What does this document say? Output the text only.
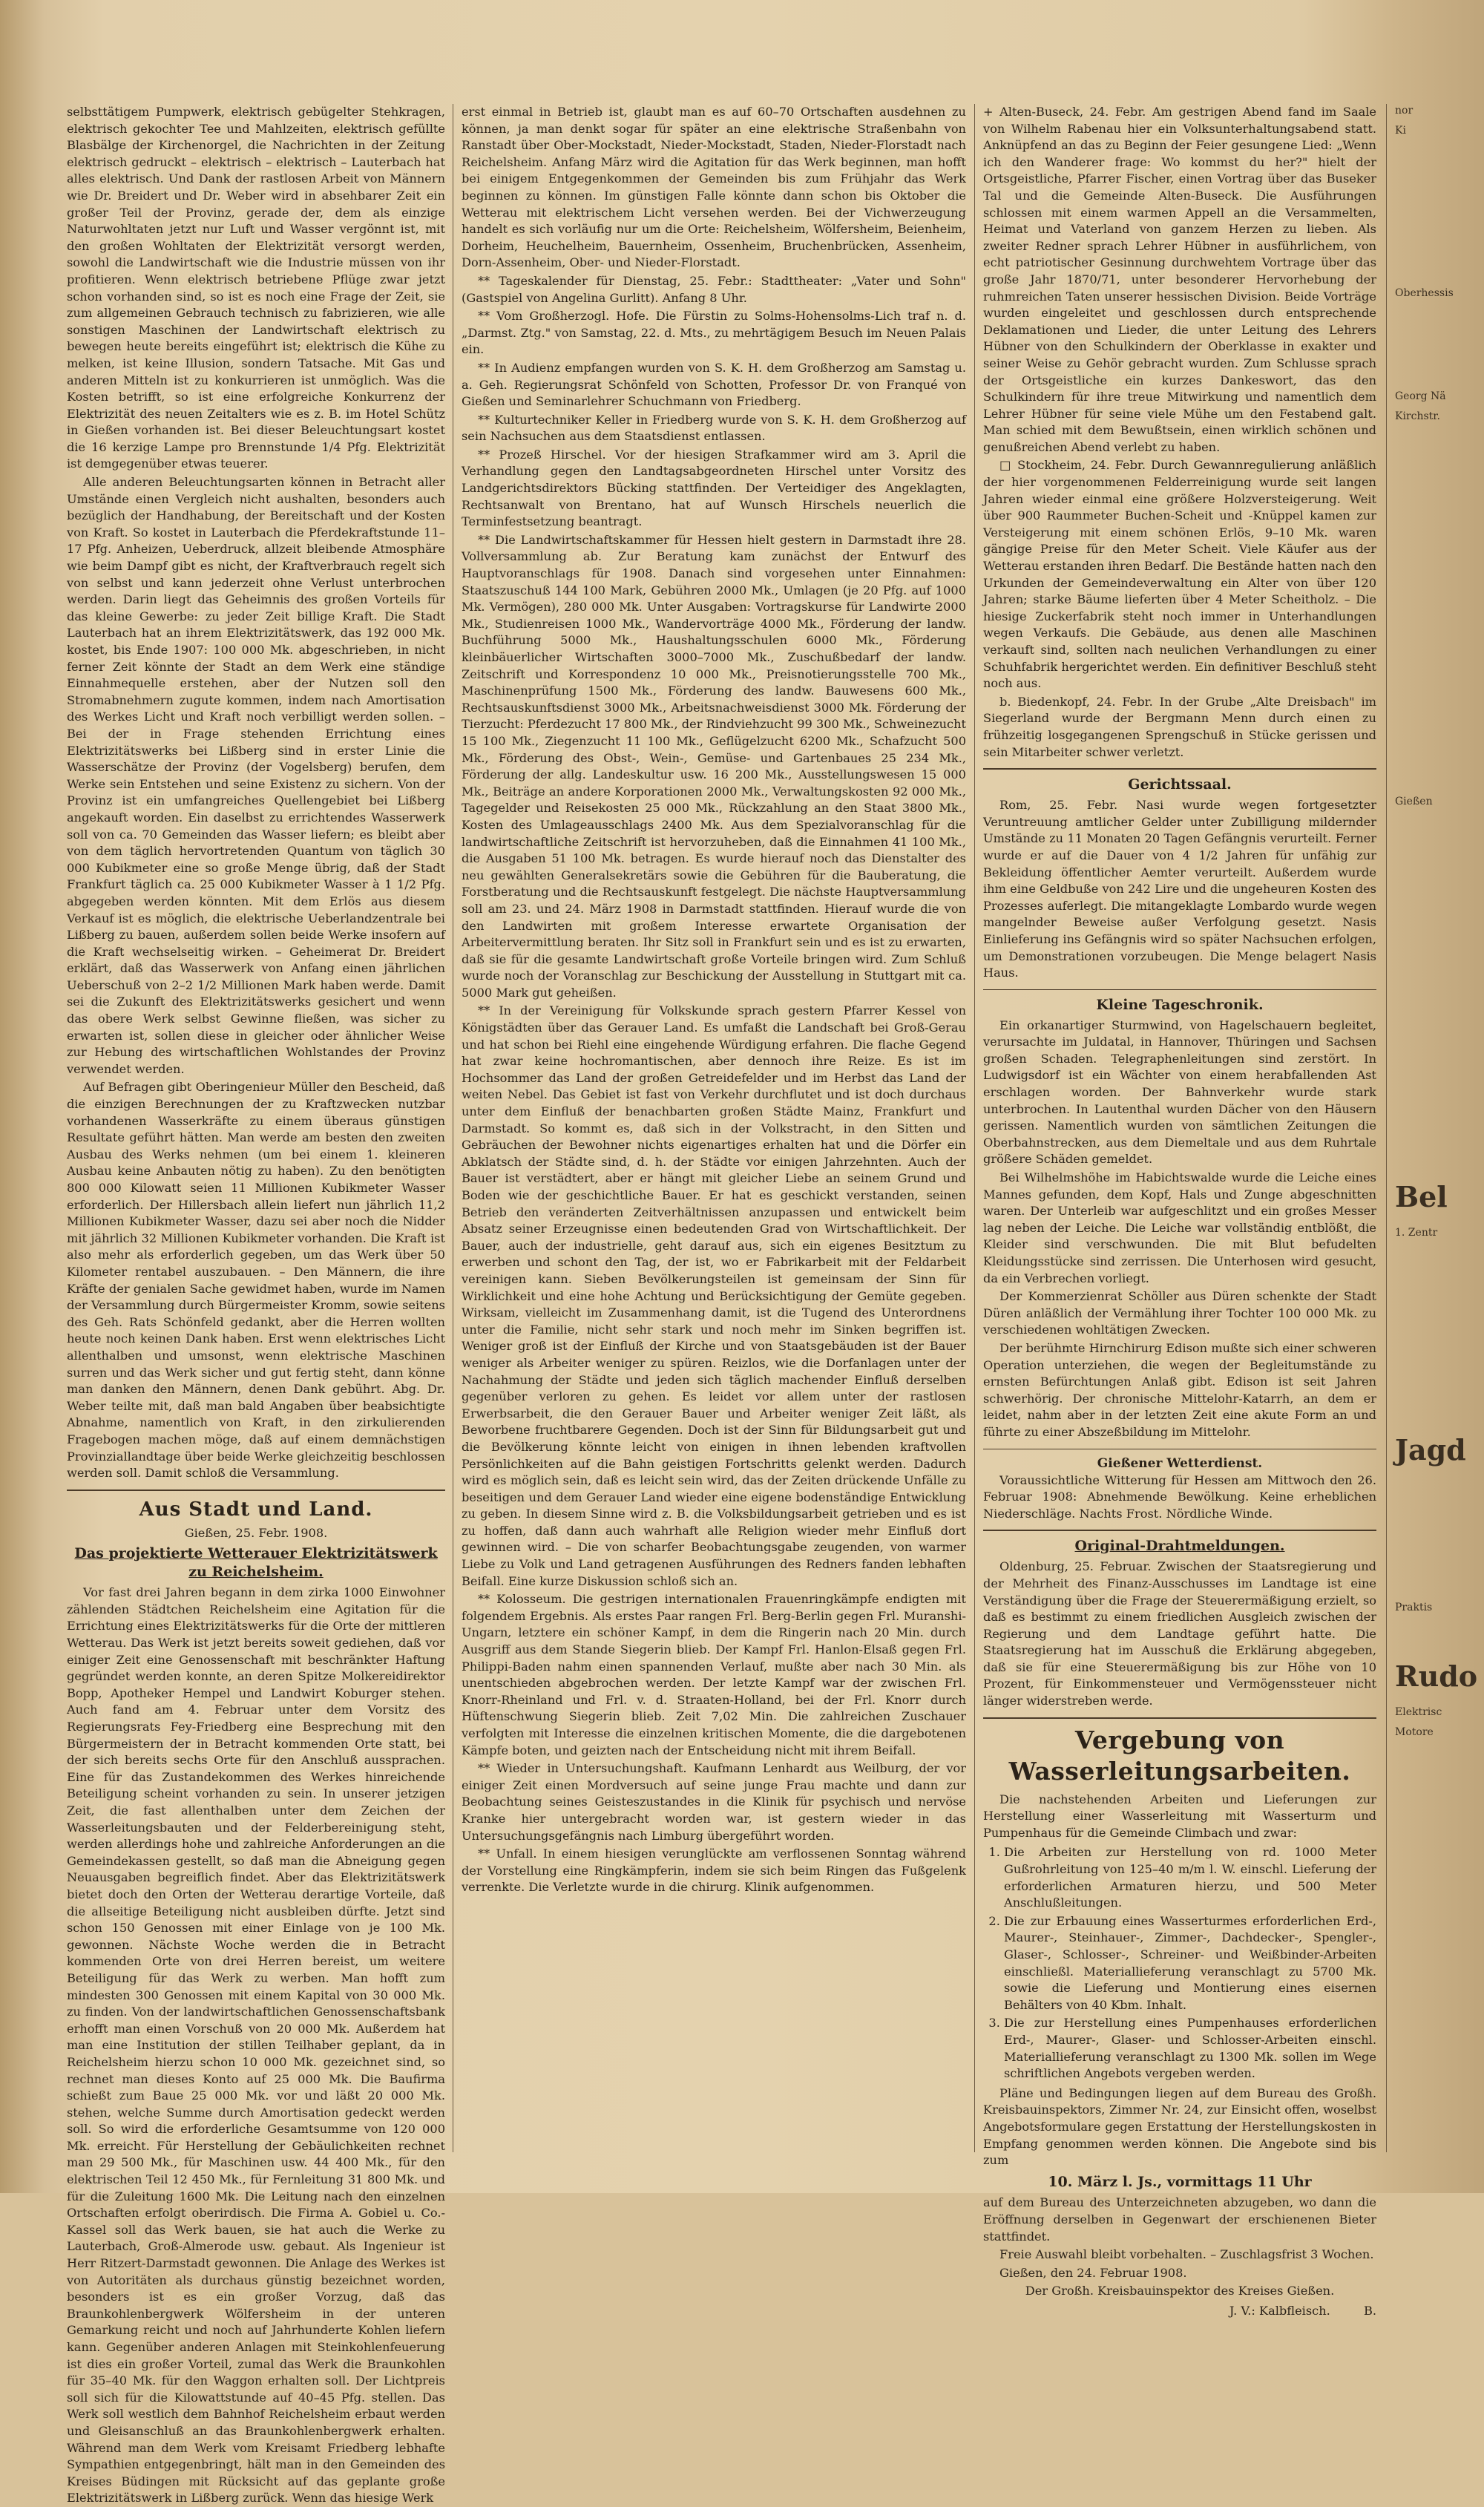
selbsttätigem Pumpwerk, elektrisch gebügelter Stehkragen, elektrisch gekochter Tee und Mahlzeiten, elektrisch gefüllte Blasbälge der Kirchenorgel, die Nachrichten in der Zeitung elektrisch gedruckt – elektrisch – elektrisch – Lauterbach hat alles elektrisch. Und Dank der rastlosen Arbeit von Männern wie Dr. Breidert und Dr. Weber wird in absehbarer Zeit ein großer Teil der Provinz, gerade der, dem als einzige Naturwohltaten jetzt nur Luft und Wasser vergönnt ist, mit den großen Wohltaten der Elektrizität versorgt werden, sowohl die Landwirtschaft wie die Industrie müssen von ihr profitieren. Wenn elektrisch betriebene Pflüge zwar jetzt schon vorhanden sind, so ist es noch eine Frage der Zeit, sie zum allgemeinen Gebrauch technisch zu fabrizieren, wie alle sonstigen Maschinen der Landwirtschaft elektrisch zu bewegen heute bereits eingeführt ist; elektrisch die Kühe zu melken, ist keine Illusion, sondern Tatsache. Mit Gas und anderen Mitteln ist zu konkurrieren ist unmöglich. Was die Kosten betrifft, so ist eine erfolgreiche Konkurrenz der Elektrizität des neuen Zeitalters wie es z. B. im Hotel Schütz in Gießen vorhanden ist. Bei dieser Beleuchtungsart kostet die 16 kerzige Lampe pro Brennstunde 1/4 Pfg. Elektrizität ist demgegenüber etwas teuerer.

Alle anderen Beleuchtungsarten können in Betracht aller Umstände einen Vergleich nicht aushalten, besonders auch bezüglich der Handhabung, der Bereitschaft und der Kosten von Kraft. So kostet in Lauterbach die Pferdekraftstunde 11–17 Pfg. Anheizen, Ueberdruck, allzeit bleibende Atmosphäre wie beim Dampf gibt es nicht, der Kraftverbrauch regelt sich von selbst und kann jederzeit ohne Verlust unterbrochen werden. Darin liegt das Geheimnis des großen Vorteils für das kleine Gewerbe: zu jeder Zeit billige Kraft. Die Stadt Lauterbach hat an ihrem Elektrizitätswerk, das 192 000 Mk. kostet, bis Ende 1907: 100 000 Mk. abgeschrieben, in nicht ferner Zeit könnte der Stadt an dem Werk eine ständige Einnahmequelle erstehen, aber der Nutzen soll den Stromabnehmern zugute kommen, indem nach Amortisation des Werkes Licht und Kraft noch verbilligt werden sollen. – Bei der in Frage stehenden Errichtung eines Elektrizitätswerks bei Lißberg sind in erster Linie die Wasserschätze der Provinz (der Vogelsberg) berufen, dem Werke sein Entstehen und seine Existenz zu sichern. Von der Provinz ist ein umfangreiches Quellengebiet bei Lißberg angekauft worden. Ein daselbst zu errichtendes Wasserwerk soll von ca. 70 Gemeinden das Wasser liefern; es bleibt aber von dem täglich hervortretenden Quantum von täglich 30 000 Kubikmeter eine so große Menge übrig, daß der Stadt Frankfurt täglich ca. 25 000 Kubikmeter Wasser à 1 1/2 Pfg. abgegeben werden könnten. Mit dem Erlös aus diesem Verkauf ist es möglich, die elektrische Ueberlandzentrale bei Lißberg zu bauen, außerdem sollen beide Werke insofern auf die Kraft wechselseitig wirken. – Geheimerat Dr. Breidert erklärt, daß das Wasserwerk von Anfang einen jährlichen Ueberschuß von 2–2 1/2 Millionen Mark haben werde. Damit sei die Zukunft des Elektrizitätswerks gesichert und wenn das obere Werk selbst Gewinne fließen, was sicher zu erwarten ist, sollen diese in gleicher oder ähnlicher Weise zur Hebung des wirtschaftlichen Wohlstandes der Provinz verwendet werden.

Auf Befragen gibt Oberingenieur Müller den Bescheid, daß die einzigen Berechnungen der zu Kraftzwecken nutzbar vorhandenen Wasserkräfte zu einem überaus günstigen Resultate geführt hätten. Man werde am besten den zweiten Ausbau des Werks nehmen (um bei einem 1. kleineren Ausbau keine Anbauten nötig zu haben). Zu den benötigten 800 000 Kilowatt seien 11 Millionen Kubikmeter Wasser erforderlich. Der Hillersbach allein liefert nun jährlich 11,2 Millionen Kubikmeter Wasser, dazu sei aber noch die Nidder mit jährlich 32 Millionen Kubikmeter vorhanden. Die Kraft ist also mehr als erforderlich gegeben, um das Werk über 50 Kilometer rentabel auszubauen. – Den Männern, die ihre Kräfte der genialen Sache gewidmet haben, wurde im Namen der Versammlung durch Bürgermeister Kromm, sowie seitens des Geh. Rats Schönfeld gedankt, aber die Herren wollten heute noch keinen Dank haben. Erst wenn elektrisches Licht allenthalben und umsonst, wenn elektrische Maschinen surren und das Werk sicher und gut fertig steht, dann könne man danken den Männern, denen Dank gebührt. Abg. Dr. Weber teilte mit, daß man bald Angaben über beabsichtigte Abnahme, namentlich von Kraft, in den zirkulierenden Fragebogen machen möge, daß auf einem demnächstigen Provinziallandtage über beide Werke gleichzeitig beschlossen werden soll. Damit schloß die Versammlung.

Aus Stadt und Land.
Gießen, 25. Febr. 1908.
Das projektierte Wetterauer Elektrizitätswerk zu Reichelsheim.

Vor fast drei Jahren begann in dem zirka 1000 Einwohner zählenden Städtchen Reichelsheim eine Agitation für die Errichtung eines Elektrizitätswerks für die Orte der mittleren Wetterau. Das Werk ist jetzt bereits soweit gediehen, daß vor einiger Zeit eine Genossenschaft mit beschränkter Haftung gegründet werden konnte, an deren Spitze Molkereidirektor Bopp, Apotheker Hempel und Landwirt Koburger stehen. Auch fand am 4. Februar unter dem Vorsitz des Regierungsrats Fey-Friedberg eine Besprechung mit den Bürgermeistern der in Betracht kommenden Orte statt, bei der sich bereits sechs Orte für den Anschluß aussprachen. Eine für das Zustandekommen des Werkes hinreichende Beteiligung scheint vorhanden zu sein. In unserer jetzigen Zeit, die fast allenthalben unter dem Zeichen der Wasserleitungsbauten und der Felderbereinigung steht, werden allerdings hohe und zahlreiche Anforderungen an die Gemeindekassen gestellt, so daß man die Abneigung gegen Neuausgaben begreiflich findet. Aber das Elektrizitätswerk bietet doch den Orten der Wetterau derartige Vorteile, daß die allseitige Beteiligung nicht ausbleiben dürfte. Jetzt sind schon 150 Genossen mit einer Einlage von je 100 Mk. gewonnen. Nächste Woche werden die in Betracht kommenden Orte von drei Herren bereist, um weitere Beteiligung für das Werk zu werben. Man hofft zum mindesten 300 Genossen mit einem Kapital von 30 000 Mk. zu finden. Von der landwirtschaftlichen Genossenschaftsbank erhofft man einen Vorschuß von 20 000 Mk. Außerdem hat man eine Institution der stillen Teilhaber geplant, da in Reichelsheim hierzu schon 10 000 Mk. gezeichnet sind, so rechnet man dieses Konto auf 25 000 Mk. Die Baufirma schießt zum Baue 25 000 Mk. vor und läßt 20 000 Mk. stehen, welche Summe durch Amortisation gedeckt werden soll. So wird die erforderliche Gesamtsumme von 120 000 Mk. erreicht. Für Herstellung der Gebäulichkeiten rechnet man 29 500 Mk., für Maschinen usw. 44 400 Mk., für den elektrischen Teil 12 450 Mk., für Fernleitung 31 800 Mk. und für die Zuleitung 1600 Mk. Die Leitung nach den einzelnen Ortschaften erfolgt oberirdisch. Die Firma A. Gobiel u. Co.-Kassel soll das Werk bauen, sie hat auch die Werke zu Lauterbach, Groß-Almerode usw. gebaut. Als Ingenieur ist Herr Ritzert-Darmstadt gewonnen. Die Anlage des Werkes ist von Autoritäten als durchaus günstig bezeichnet worden, besonders ist es ein großer Vorzug, daß das Braunkohlenbergwerk Wölfersheim in der unteren Gemarkung reicht und noch auf Jahrhunderte Kohlen liefern kann. Gegenüber anderen Anlagen mit Steinkohlenfeuerung ist dies ein großer Vorteil, zumal das Werk die Braunkohlen für 35–40 Mk. für den Waggon erhalten soll. Der Lichtpreis soll sich für die Kilowattstunde auf 40–45 Pfg. stellen. Das Werk soll westlich dem Bahnhof Reichelsheim erbaut werden und Gleisanschluß an das Braunkohlenbergwerk erhalten. Während man dem Werk vom Kreisamt Friedberg lebhafte Sympathien entgegenbringt, hält man in den Gemeinden des Kreises Büdingen mit Rücksicht auf das geplante große Elektrizitätswerk in Lißberg zurück. Wenn das hiesige Werk

erst einmal in Betrieb ist, glaubt man es auf 60–70 Ortschaften ausdehnen zu können, ja man denkt sogar für später an eine elektrische Straßenbahn von Ranstadt über Ober-Mockstadt, Nieder-Mockstadt, Staden, Nieder-Florstadt nach Reichelsheim. Anfang März wird die Agitation für das Werk beginnen, man hofft bei einigem Entgegenkommen der Gemeinden bis zum Frühjahr das Werk beginnen zu können. Im günstigen Falle könnte dann schon bis Oktober die Wetterau mit elektrischem Licht versehen werden. Bei der Vichwerzeugung handelt es sich vorläufig nur um die Orte: Reichelsheim, Wölfersheim, Beienheim, Dorheim, Heuchelheim, Bauernheim, Ossenheim, Bruchenbrücken, Assenheim, Dorn-Assenheim, Ober- und Nieder-Florstadt.

** Tageskalender für Dienstag, 25. Febr.: Stadttheater: „Vater und Sohn" (Gastspiel von Angelina Gurlitt). Anfang 8 Uhr.

** Vom Großherzogl. Hofe. Die Fürstin zu Solms-Hohensolms-Lich traf n. d. „Darmst. Ztg." von Samstag, 22. d. Mts., zu mehrtägigem Besuch im Neuen Palais ein.

** In Audienz empfangen wurden von S. K. H. dem Großherzog am Samstag u. a. Geh. Regierungsrat Schönfeld von Schotten, Professor Dr. von Franqué von Gießen und Seminarlehrer Schuchmann von Friedberg.

** Kulturtechniker Keller in Friedberg wurde von S. K. H. dem Großherzog auf sein Nachsuchen aus dem Staatsdienst entlassen.

** Prozeß Hirschel. Vor der hiesigen Strafkammer wird am 3. April die Verhandlung gegen den Landtagsabgeordneten Hirschel unter Vorsitz des Landgerichtsdirektors Bücking stattfinden. Der Verteidiger des Angeklagten, Rechtsanwalt von Brentano, hat auf Wunsch Hirschels neuerlich die Terminfestsetzung beantragt.

** Die Landwirtschaftskammer für Hessen hielt gestern in Darmstadt ihre 28. Vollversammlung ab. Zur Beratung kam zunächst der Entwurf des Hauptvoranschlags für 1908. Danach sind vorgesehen unter Einnahmen: Staatszuschuß 144 100 Mark, Gebühren 2000 Mk., Umlagen (je 20 Pfg. auf 1000 Mk. Vermögen), 280 000 Mk. Unter Ausgaben: Vortragskurse für Landwirte 2000 Mk., Studienreisen 1000 Mk., Wandervorträge 4000 Mk., Förderung der landw. Buchführung 5000 Mk., Haushaltungsschulen 6000 Mk., Förderung kleinbäuerlicher Wirtschaften 3000–7000 Mk., Zuschußbedarf der landw. Zeitschrift und Korrespondenz 10 000 Mk., Preisnotierungsstelle 700 Mk., Maschinenprüfung 1500 Mk., Förderung des landw. Bauwesens 600 Mk., Rechtsauskunftsdienst 3000 Mk., Arbeitsnachweisdienst 3000 Mk. Förderung der Tierzucht: Pferdezucht 17 800 Mk., der Rindviehzucht 99 300 Mk., Schweinezucht 15 100 Mk., Ziegenzucht 11 100 Mk., Geflügelzucht 6200 Mk., Schafzucht 500 Mk., Förderung des Obst-, Wein-, Gemüse- und Gartenbaues 25 234 Mk., Förderung der allg. Landeskultur usw. 16 200 Mk., Ausstellungswesen 15 000 Mk., Beiträge an andere Korporationen 2000 Mk., Verwaltungskosten 92 000 Mk., Tagegelder und Reisekosten 25 000 Mk., Rückzahlung an den Staat 3800 Mk., Kosten des Umlageausschlags 2400 Mk. Aus dem Spezialvoranschlag für die landwirtschaftliche Zeitschrift ist hervorzuheben, daß die Einnahmen 41 100 Mk., die Ausgaben 51 100 Mk. betragen. Es wurde hierauf noch das Dienstalter des neu gewählten Generalsekretärs sowie die Gebühren für die Bauberatung, die Forstberatung und die Rechtsauskunft festgelegt. Die nächste Hauptversammlung soll am 23. und 24. März 1908 in Darmstadt stattfinden. Hierauf wurde die von den Landwirten mit großem Interesse erwartete Organisation der Arbeitervermittlung beraten. Ihr Sitz soll in Frankfurt sein und es ist zu erwarten, daß sie für die gesamte Landwirtschaft große Vorteile bringen wird. Zum Schluß wurde noch der Voranschlag zur Beschickung der Ausstellung in Stuttgart mit ca. 5000 Mark gut geheißen.

** In der Vereinigung für Volkskunde sprach gestern Pfarrer Kessel von Königstädten über das Gerauer Land. Es umfaßt die Landschaft bei Groß-Gerau und hat schon bei Riehl eine eingehende Würdigung erfahren. Die flache Gegend hat zwar keine hochromantischen, aber dennoch ihre Reize. Es ist im Hochsommer das Land der großen Getreidefelder und im Herbst das Land der weiten Nebel. Das Gebiet ist fast von Verkehr durchflutet und ist doch durchaus unter dem Einfluß der benachbarten großen Städte Mainz, Frankfurt und Darmstadt. So kommt es, daß sich in der Volkstracht, in den Sitten und Gebräuchen der Bewohner nichts eigenartiges erhalten hat und die Dörfer ein Abklatsch der Städte sind, d. h. der Städte vor einigen Jahrzehnten. Auch der Bauer ist verstädtert, aber er hängt mit gleicher Liebe an seinem Grund und Boden wie der geschichtliche Bauer. Er hat es geschickt verstanden, seinen Betrieb den veränderten Zeitverhältnissen anzupassen und entwickelt beim Absatz seiner Erzeugnisse einen bedeutenden Grad von Wirtschaftlichkeit. Der Bauer, auch der industrielle, geht darauf aus, sich ein eigenes Besitztum zu erwerben und schont den Tag, der ist, wo er Fabrikarbeit mit der Feldarbeit vereinigen kann. Sieben Bevölkerungsteilen ist gemeinsam der Sinn für Wirklichkeit und eine hohe Achtung und Berücksichtigung der Gemüte gegeben. Wirksam, vielleicht im Zusammenhang damit, ist die Tugend des Unterordnens unter die Familie, nicht sehr stark und noch mehr im Sinken begriffen ist. Weniger groß ist der Einfluß der Kirche und von Staatsgebäuden ist der Bauer weniger als Arbeiter weniger zu spüren. Reizlos, wie die Dorfanlagen unter der Nachahmung der Städte und jeden sich täglich machender Einfluß derselben gegenüber verloren zu gehen. Es leidet vor allem unter der rastlosen Erwerbsarbeit, die den Gerauer Bauer und Arbeiter weniger Zeit läßt, als Beworbene fruchtbarere Gegenden. Doch ist der Sinn für Bildungsarbeit gut und die Bevölkerung könnte leicht von einigen in ihnen lebenden kraftvollen Persönlichkeiten auf die Bahn geistigen Fortschritts gelenkt werden. Dadurch wird es möglich sein, daß es leicht sein wird, das der Zeiten drückende Unfälle zu beseitigen und dem Gerauer Land wieder eine eigene bodenständige Entwicklung zu geben. In diesem Sinne wird z. B. die Volksbildungsarbeit getrieben und es ist zu hoffen, daß dann auch wahrhaft alle Religion wieder mehr Einfluß dort gewinnen wird. – Die von scharfer Beobachtungsgabe zeugenden, von warmer Liebe zu Volk und Land getragenen Ausführungen des Redners fanden lebhaften Beifall. Eine kurze Diskussion schloß sich an.

** Kolosseum. Die gestrigen internationalen Frauenringkämpfe endigten mit folgendem Ergebnis. Als erstes Paar rangen Frl. Berg-Berlin gegen Frl. Muranshi-Ungarn, letztere ein schöner Kampf, in dem die Ringerin nach 20 Min. durch Ausgriff aus dem Stande Siegerin blieb. Der Kampf Frl. Hanlon-Elsaß gegen Frl. Philippi-Baden nahm einen spannenden Verlauf, mußte aber nach 30 Min. als unentschieden abgebrochen werden. Der letzte Kampf war der zwischen Frl. Knorr-Rheinland und Frl. v. d. Straaten-Holland, bei der Frl. Knorr durch Hüftenschwung Siegerin blieb. Zeit 7,02 Min. Die zahlreichen Zuschauer verfolgten mit Interesse die einzelnen kritischen Momente, die die dargebotenen Kämpfe boten, und geizten nach der Entscheidung nicht mit ihrem Beifall.

** Wieder in Untersuchungshaft. Kaufmann Lenhardt aus Weilburg, der vor einiger Zeit einen Mordversuch auf seine junge Frau machte und dann zur Beobachtung seines Geisteszustandes in die Klinik für psychisch und nervöse Kranke hier untergebracht worden war, ist gestern wieder in das Untersuchungsgefängnis nach Limburg übergeführt worden.

** Unfall. In einem hiesigen verunglückte am verflossenen Sonntag während der Vorstellung eine Ringkämpferin, indem sie sich beim Ringen das Fußgelenk verrenkte. Die Verletzte wurde in die chirurg. Klinik aufgenommen.

+ Alten-Buseck, 24. Febr. Am gestrigen Abend fand im Saale von Wilhelm Rabenau hier ein Volksunterhaltungsabend statt. Anknüpfend an das zu Beginn der Feier gesungene Lied: „Wenn ich den Wanderer frage: Wo kommst du her?" hielt der Ortsgeistliche, Pfarrer Fischer, einen Vortrag über das Buseker Tal und die Gemeinde Alten-Buseck. Die Ausführungen schlossen mit einem warmen Appell an die Versammelten, Heimat und Vaterland von ganzem Herzen zu lieben. Als zweiter Redner sprach Lehrer Hübner in ausführlichem, von echt patriotischer Gesinnung durchwehtem Vortrage über das große Jahr 1870/71, unter besonderer Hervorhebung der ruhmreichen Taten unserer hessischen Division. Beide Vorträge wurden eingeleitet und geschlossen durch entsprechende Deklamationen und Lieder, die unter Leitung des Lehrers Hübner von den Schulkindern der Oberklasse in exakter und seiner Weise zu Gehör gebracht wurden. Zum Schlusse sprach der Ortsgeistliche ein kurzes Dankeswort, das den Schulkindern für ihre treue Mitwirkung und namentlich dem Lehrer Hübner für seine viele Mühe um den Festabend galt. Man schied mit dem Bewußtsein, einen wirklich schönen und genußreichen Abend verlebt zu haben.

□ Stockheim, 24. Febr. Durch Gewannregulierung anläßlich der hier vorgenommenen Felderreinigung wurde seit langen Jahren wieder einmal eine größere Holzversteigerung. Weit über 900 Raummeter Buchen-Scheit und -Knüppel kamen zur Versteigerung mit einem schönen Erlös, 9–10 Mk. waren gängige Preise für den Meter Scheit. Viele Käufer aus der Wetterau erstanden ihren Bedarf. Die Bestände hatten nach den Urkunden der Gemeindeverwaltung ein Alter von über 120 Jahren; starke Bäume lieferten über 4 Meter Scheitholz. – Die hiesige Zuckerfabrik steht noch immer in Unterhandlungen wegen Verkaufs. Die Gebäude, aus denen alle Maschinen verkauft sind, sollten nach neulichen Verhandlungen zu einer Schuhfabrik hergerichtet werden. Ein definitiver Beschluß steht noch aus.

b. Biedenkopf, 24. Febr. In der Grube „Alte Dreisbach" im Siegerland wurde der Bergmann Menn durch einen zu frühzeitig losgegangenen Sprengschuß in Stücke gerissen und sein Mitarbeiter schwer verletzt.

Gerichtssaal.

Rom, 25. Febr. Nasi wurde wegen fortgesetzter Veruntreuung amtlicher Gelder unter Zubilligung mildernder Umstände zu 11 Monaten 20 Tagen Gefängnis verurteilt. Ferner wurde er auf die Dauer von 4 1/2 Jahren für unfähig zur Bekleidung öffentlicher Aemter verurteilt. Außerdem wurde ihm eine Geldbuße von 242 Lire und die ungeheuren Kosten des Prozesses auferlegt. Die mitangeklagte Lombardo wurde wegen mangelnder Beweise außer Verfolgung gesetzt. Nasis Einlieferung ins Gefängnis wird so später Nachsuchen erfolgen, um Demonstrationen vorzubeugen. Die Menge belagert Nasis Haus.

Kleine Tageschronik.

Ein orkanartiger Sturmwind, von Hagelschauern begleitet, verursachte im Juldatal, in Hannover, Thüringen und Sachsen großen Schaden. Telegraphenleitungen sind zerstört. In Ludwigsdorf ist ein Wächter von einem herabfallenden Ast erschlagen worden. Der Bahnverkehr wurde stark unterbrochen. In Lautenthal wurden Dächer von den Häusern gerissen. Namentlich wurden von sämtlichen Zeitungen die Oberbahnstrecken, aus dem Diemeltale und aus dem Ruhrtale größere Schäden gemeldet.

Bei Wilhelmshöhe im Habichtswalde wurde die Leiche eines Mannes gefunden, dem Kopf, Hals und Zunge abgeschnitten waren. Der Unterleib war aufgeschlitzt und ein großes Messer lag neben der Leiche. Die Leiche war vollständig entblößt, die Kleider sind verschwunden. Die mit Blut befudelten Kleidungsstücke sind zerrissen. Die Unterhosen wird gesucht, da ein Verbrechen vorliegt.

Der Kommerzienrat Schöller aus Düren schenkte der Stadt Düren anläßlich der Vermählung ihrer Tochter 100 000 Mk. zu verschiedenen wohltätigen Zwecken.

Der berühmte Hirnchirurg Edison mußte sich einer schweren Operation unterziehen, die wegen der Begleitumstände zu ernsten Befürchtungen Anlaß gibt. Edison ist seit Jahren schwerhörig. Der chronische Mittelohr-Katarrh, an dem er leidet, nahm aber in der letzten Zeit eine akute Form an und führte zu einer Abszeßbildung im Mittelohr.

Gießener Wetterdienst.

Voraussichtliche Witterung für Hessen am Mittwoch den 26. Februar 1908: Abnehmende Bewölkung. Keine erheblichen Niederschläge. Nachts Frost. Nördliche Winde.

Original-Drahtmeldungen.

Oldenburg, 25. Februar. Zwischen der Staatsregierung und der Mehrheit des Finanz-Ausschusses im Landtage ist eine Verständigung über die Frage der Steuerermäßigung erzielt, so daß es bestimmt zu einem friedlichen Ausgleich zwischen der Regierung und dem Landtage geführt hatte. Die Staatsregierung hat im Ausschuß die Erklärung abgegeben, daß sie für eine Steuerermäßigung bis zur Höhe von 10 Prozent, für Einkommensteuer und Vermögenssteuer nicht länger widerstreben werde.

Vergebung von Wasserleitungsarbeiten.

Die nachstehenden Arbeiten und Lieferungen zur Herstellung einer Wasserleitung mit Wasserturm und Pumpenhaus für die Gemeinde Climbach und zwar:

1. Die Arbeiten zur Herstellung von rd. 1000 Meter Gußrohrleitung von 125–40 m/m l. W. einschl. Lieferung der erforderlichen Armaturen hierzu, und 500 Meter Anschlußleitungen.
2. Die zur Erbauung eines Wasserturmes erforderlichen Erd-, Maurer-, Steinhauer-, Zimmer-, Dachdecker-, Spengler-, Glaser-, Schlosser-, Schreiner- und Weißbinder-Arbeiten einschließl. Materiallieferung veranschlagt zu 5700 Mk. sowie die Lieferung und Montierung eines eisernen Behälters von 40 Kbm. Inhalt.
3. Die zur Herstellung eines Pumpenhauses erforderlichen Erd-, Maurer-, Glaser- und Schlosser-Arbeiten einschl. Materiallieferung veranschlagt zu 1300 Mk. sollen im Wege schriftlichen Angebots vergeben werden.

Pläne und Bedingungen liegen auf dem Bureau des Großh. Kreisbauinspektors, Zimmer Nr. 24, zur Einsicht offen, woselbst Angebotsformulare gegen Erstattung der Herstellungskosten in Empfang genommen werden können. Die Angebote sind bis zum

10. März l. Js., vormittags 11 Uhr

auf dem Bureau des Unterzeichneten abzugeben, wo dann die Eröffnung derselben in Gegenwart der erschienenen Bieter stattfindet.

Freie Auswahl bleibt vorbehalten. – Zuschlagsfrist 3 Wochen.

Gießen, den 24. Februar 1908.

Der Großh. Kreisbauinspektor des Kreises Gießen.
J. V.: Kalbfleisch.	B.
nor
Ki
Oberhessis
Georg Nä
Kirchstr.
Gießen
Bel
1. Zentr
Jagd
Praktis
Rudo
Elektrisc
Motore
